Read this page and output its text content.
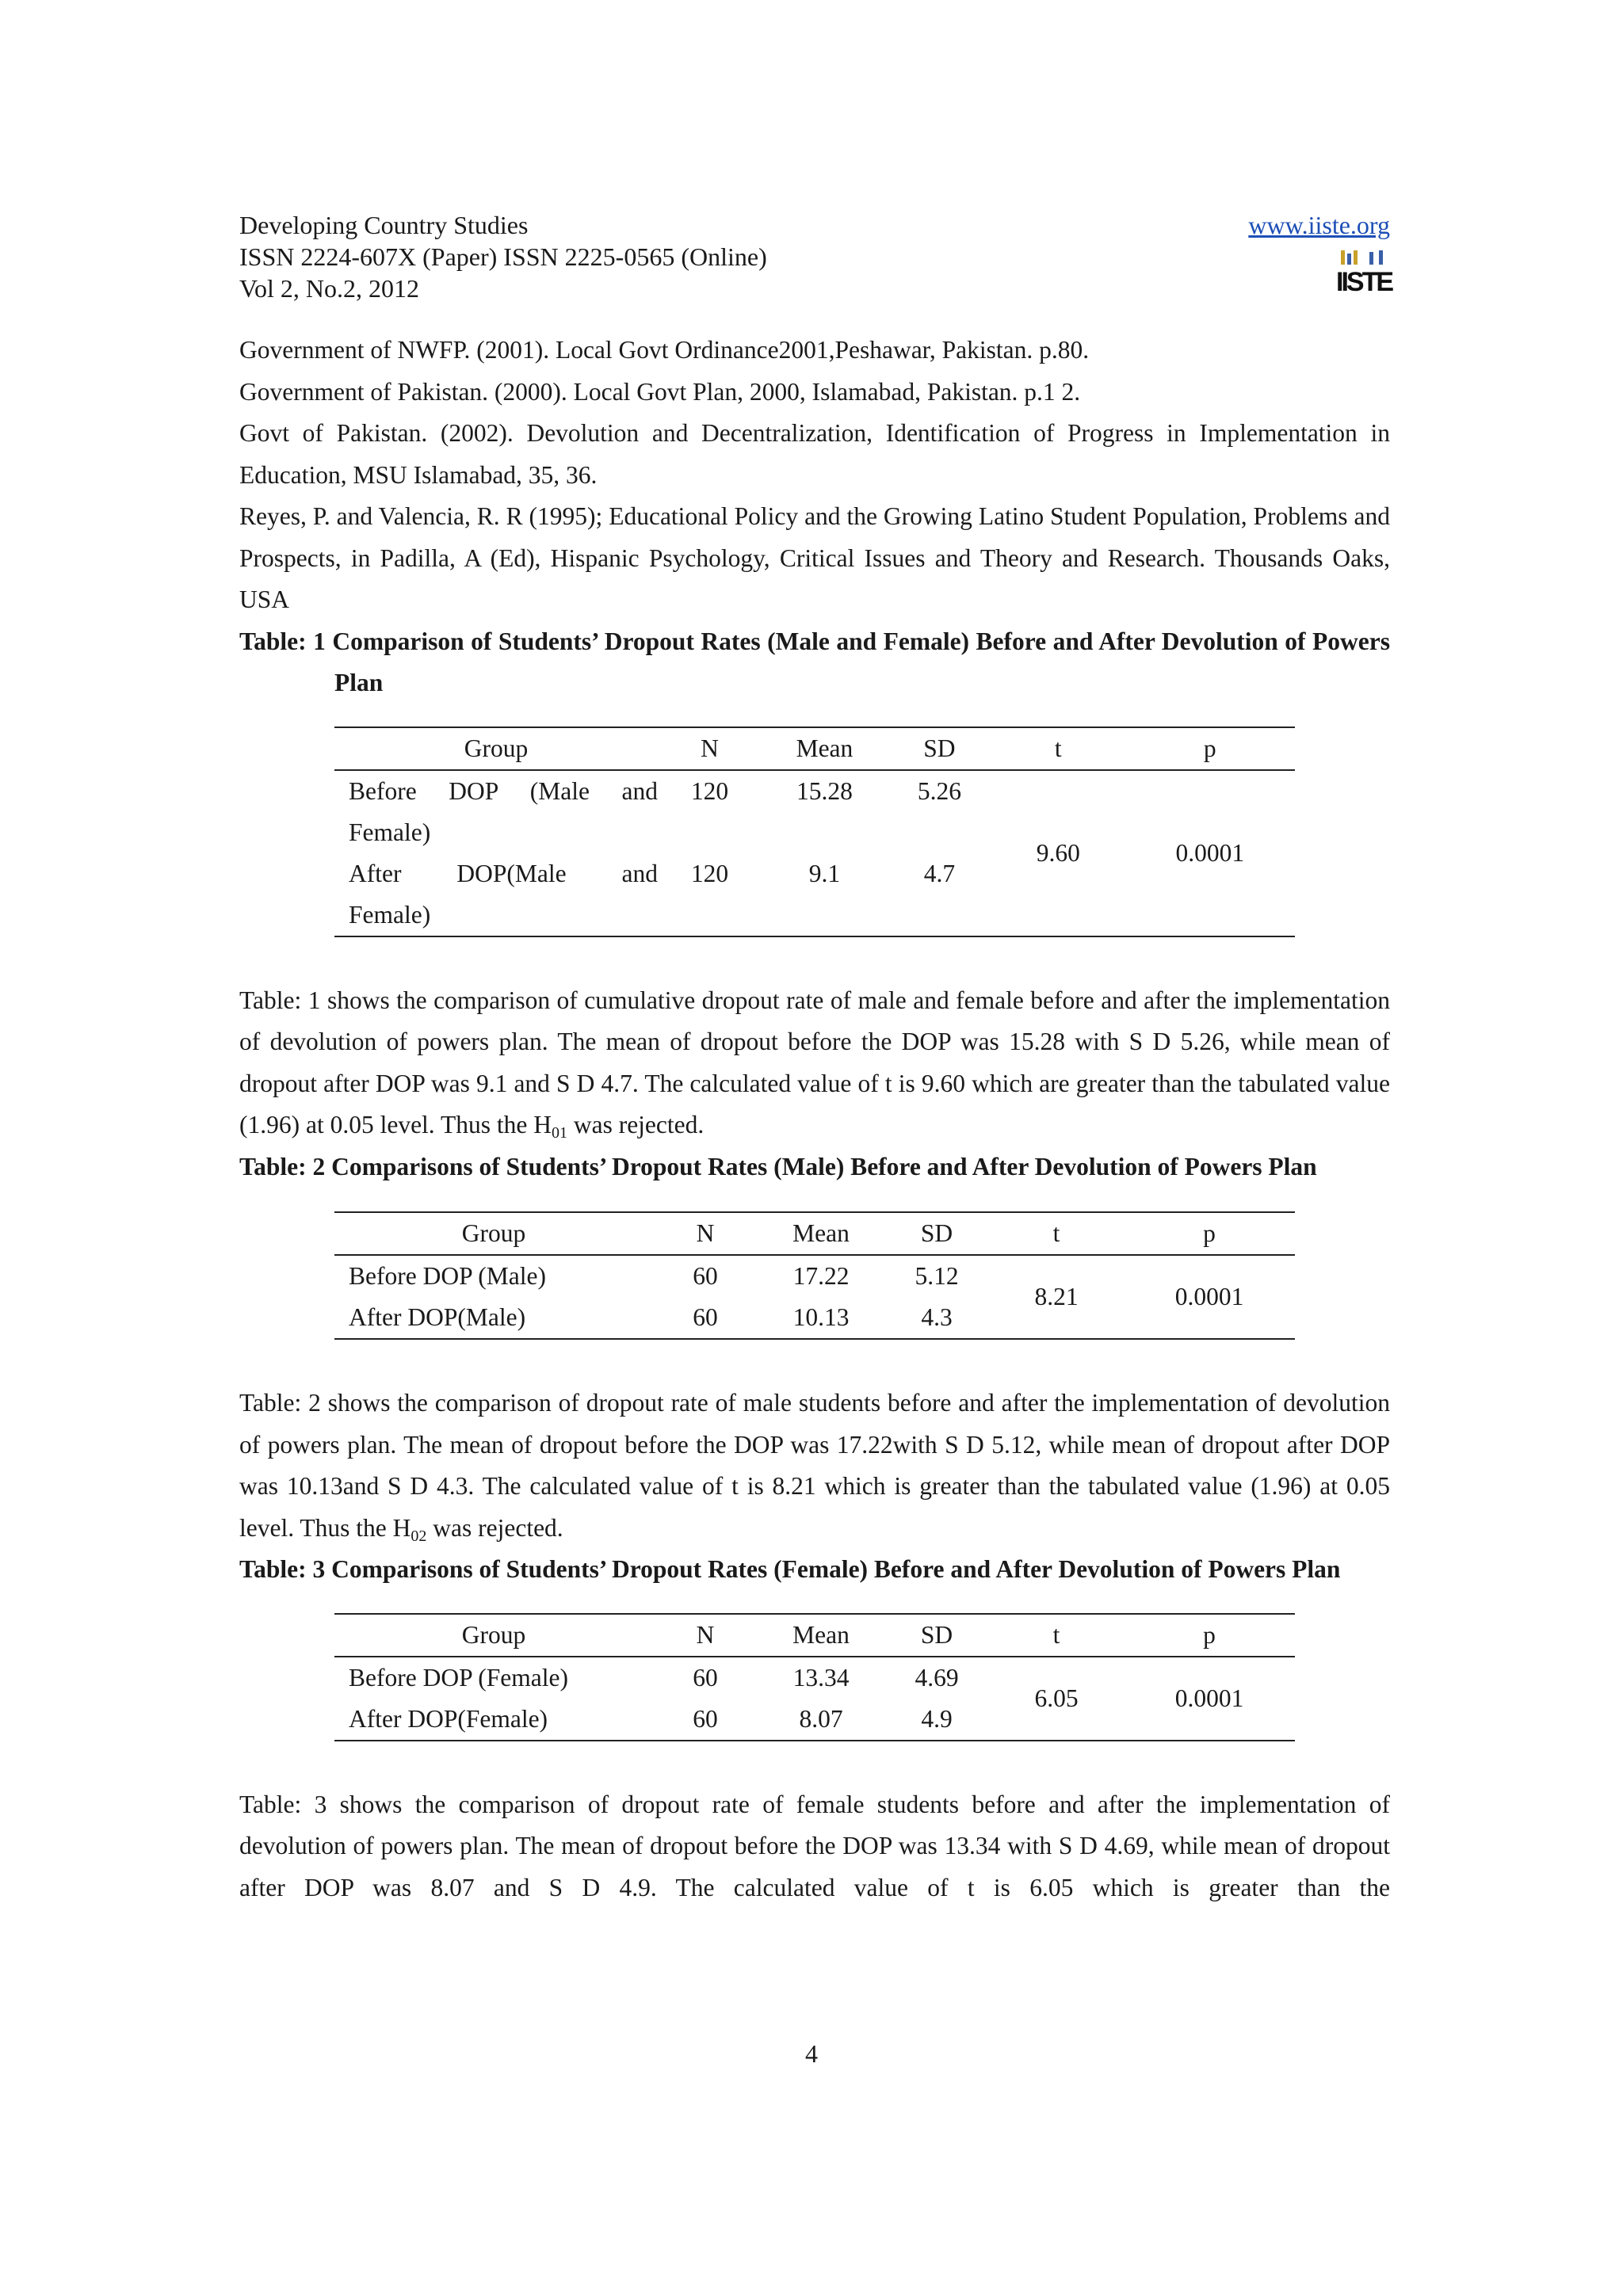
Developing Country Studies
ISSN 2224-607X (Paper) ISSN 2225-0565 (Online)
Vol 2, No.2, 2012
www.iiste.org
IISTE

Government of NWFP. (2001). Local Govt Ordinance2001,Peshawar, Pakistan. p.80.

Government of Pakistan. (2000). Local Govt Plan, 2000, Islamabad, Pakistan. p.1 2.

Govt of Pakistan. (2002). Devolution and Decentralization, Identification of Progress in Implementation in Education, MSU Islamabad, 35, 36.

Reyes, P. and Valencia, R. R (1995); Educational Policy and the Growing Latino Student Population, Problems and Prospects, in Padilla, A (Ed), Hispanic Psychology, Critical Issues and Theory and Research. Thousands Oaks, USA

Table: 1 Comparison of Students’ Dropout Rates (Male and Female) Before and After Devolution of Powers Plan

Group	N	Mean	SD	t	p

Before DOP (Male and
Female)	120	15.28	5.26	9.60	0.0001

After DOP(Male and
Female)	120	9.1	4.7		

Table: 1 shows the comparison of cumulative dropout rate of male and female before and after the implementation of devolution of powers plan. The mean of dropout before the DOP was 15.28 with S D 5.26, while mean of dropout after DOP was 9.1 and S D 4.7. The calculated value of t is 9.60 which are greater than the tabulated value (1.96) at 0.05 level. Thus the $H_{01}$ was rejected.

Table: 2 Comparisons of Students’ Dropout Rates (Male) Before and After Devolution of Powers Plan

Group	N	Mean	SD	t	p
Before DOP (Male)	60	17.22	5.12	8.21	0.0001
After DOP(Male)	60	10.13	4.3		

Table: 2 shows the comparison of dropout rate of male students before and after the implementation of devolution of powers plan. The mean of dropout before the DOP was 17.22with S D 5.12, while mean of dropout after DOP was 10.13and S D 4.3. The calculated value of t is 8.21 which is greater than the tabulated value (1.96) at 0.05 level. Thus the $H_{02}$ was rejected.

Table: 3 Comparisons of Students’ Dropout Rates (Female) Before and After Devolution of Powers Plan

Group	N	Mean	SD	t	p
Before DOP (Female)	60	13.34	4.69	6.05	0.0001
After DOP(Female)	60	8.07	4.9		

Table: 3 shows the comparison of dropout rate of female students before and after the implementation of devolution of powers plan. The mean of dropout before the DOP was 13.34 with S D 4.69, while mean of dropout after DOP was 8.07 and S D 4.9. The calculated value of t is 6.05 which is greater than the

4
